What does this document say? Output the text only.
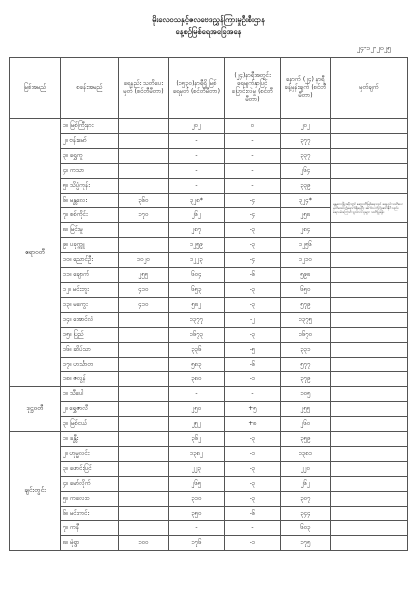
မိုးလေဝသနှင့်ဇလဗေဒညွှန်ကြားမှုဦးစီးဌာန
နေ့စဉ်မြစ်ရေအခြေအနေ
၂၄-၁၂-၂၀၂၅
မြစ်အမည်	စခန်းအမည်	ရေနည်း သတိပေးမှတ် (စင်တီမီတာ)	(၁၅၃၀)နာရီရှိ မြစ်ရေမှတ် (စင်တီမီတာ)	(၂၄)နာရီအတွင်း ရေမျက်နှာပြင် ပြောင်းလဲမှု (စင်တီမီတာ)	နောက် (၂၄) နာရီ ခန့်မှန်းချက် (စင်တီမီတာ)	မှတ်ချက်
ဧရာဝတီ	၁။ မြစ်ကြီးနား		၂၀၂	၀	၂၀၂	
	၂။ ဗန်းမော်		-	-	၃၇၇	
	၃။ ရွှေကူ		-	-	၃၃၇	
	၄။ ကသာ		-	-	၂၆၄	
	၅။ သိပ္ပံကုန်း		-	-	၃၃၉	
	၆။ မန္တလေး	၃၆၀	၃၂၈*	-၄	၃၂၄*	မန္တလေးမြို့အနီးတွင် ဧရာဝတီမြစ်ရေသည် ရေနည်းသတိပေးမှတ်အောက်ရောက်ရှိနေပြီး ဆက်လက်ကျဆင်းနိုင်သည်။ ရေလမ်းကြောင်းသွားလာသူများ သတိပြုရန်။
	၇။ စစ်ကိုင်း	၁၇၀	၂၆၂	-၄	၂၅၈	
	၈။ မြင်းမူ		၂၈၇	-၃	၂၈၄	
	၉။ ပခုက္ကူ		၁၂၅၉	-၃	၁၂၅၆	
	၁၀။ ညောင်ဦး	၁၀၂၀	၁၂၂၃	-၄	၁၂၁၀	
	၁၁။ ချောက်	၂၅၅	၆၀၄	-၆	၅၉၈	
	၁၂။ မင်းဘူး	၄၁၀	၆၅၃	-၃	၆၅၀	
	၁၃။ မကွေး	၄၁၀	၅၈၂	-၃	၅၇၉	
	၁၄။ အောင်လံ		၁၃၇၇	-၂	၁၃၇၅	
	၁၅။ ပြည်		၁၆၇၃	-၃	၁၆၇၀	
	၁၆။ ဆိပ်သာ		၃၃၆	-၅	၃၃၁	
	၁၇။ ဟင်္သာတ		၅၈၃	-၆	၅၇၇	
	၁၈။ ဇလွန်		၃၈၀	-၁	၃၇၉	
ဒုဋ္ဌဝတီ	၁။ သီပေါ		-	-	၁၀၅	
	၂။ ရွှေဇာလီ		၂၅၀	+၅	၂၅၅	
	၃။ မြစ်ငယ်		၂၅၂	+၈	၂၆၀	
ချင်းတွင်း	၁။ ခန္တီး		၃၆၂	-၃	၃၅၉	
	၂။ ဟုမ္မလင်း		၁၃၈၂	-၁	၁၃၈၁	
	၃။ ဖောင်းပြင်		၂၂၃	-၃	၂၂၀	
	၄။ မော်လိုက်		၂၆၅	-၃	၂၆၂	
	၅။ ကလေးဝ		၃၁၀	-၃	၃၀၇	
	၆။ မင်းကင်း		၃၅၀	-၆	၃၄၄	
	၇။ ကနီ		-	-	၆၀၃	
	၈။ မုံရွာ	၁၀၀	၁၇၆	-၁	၁၇၅	
